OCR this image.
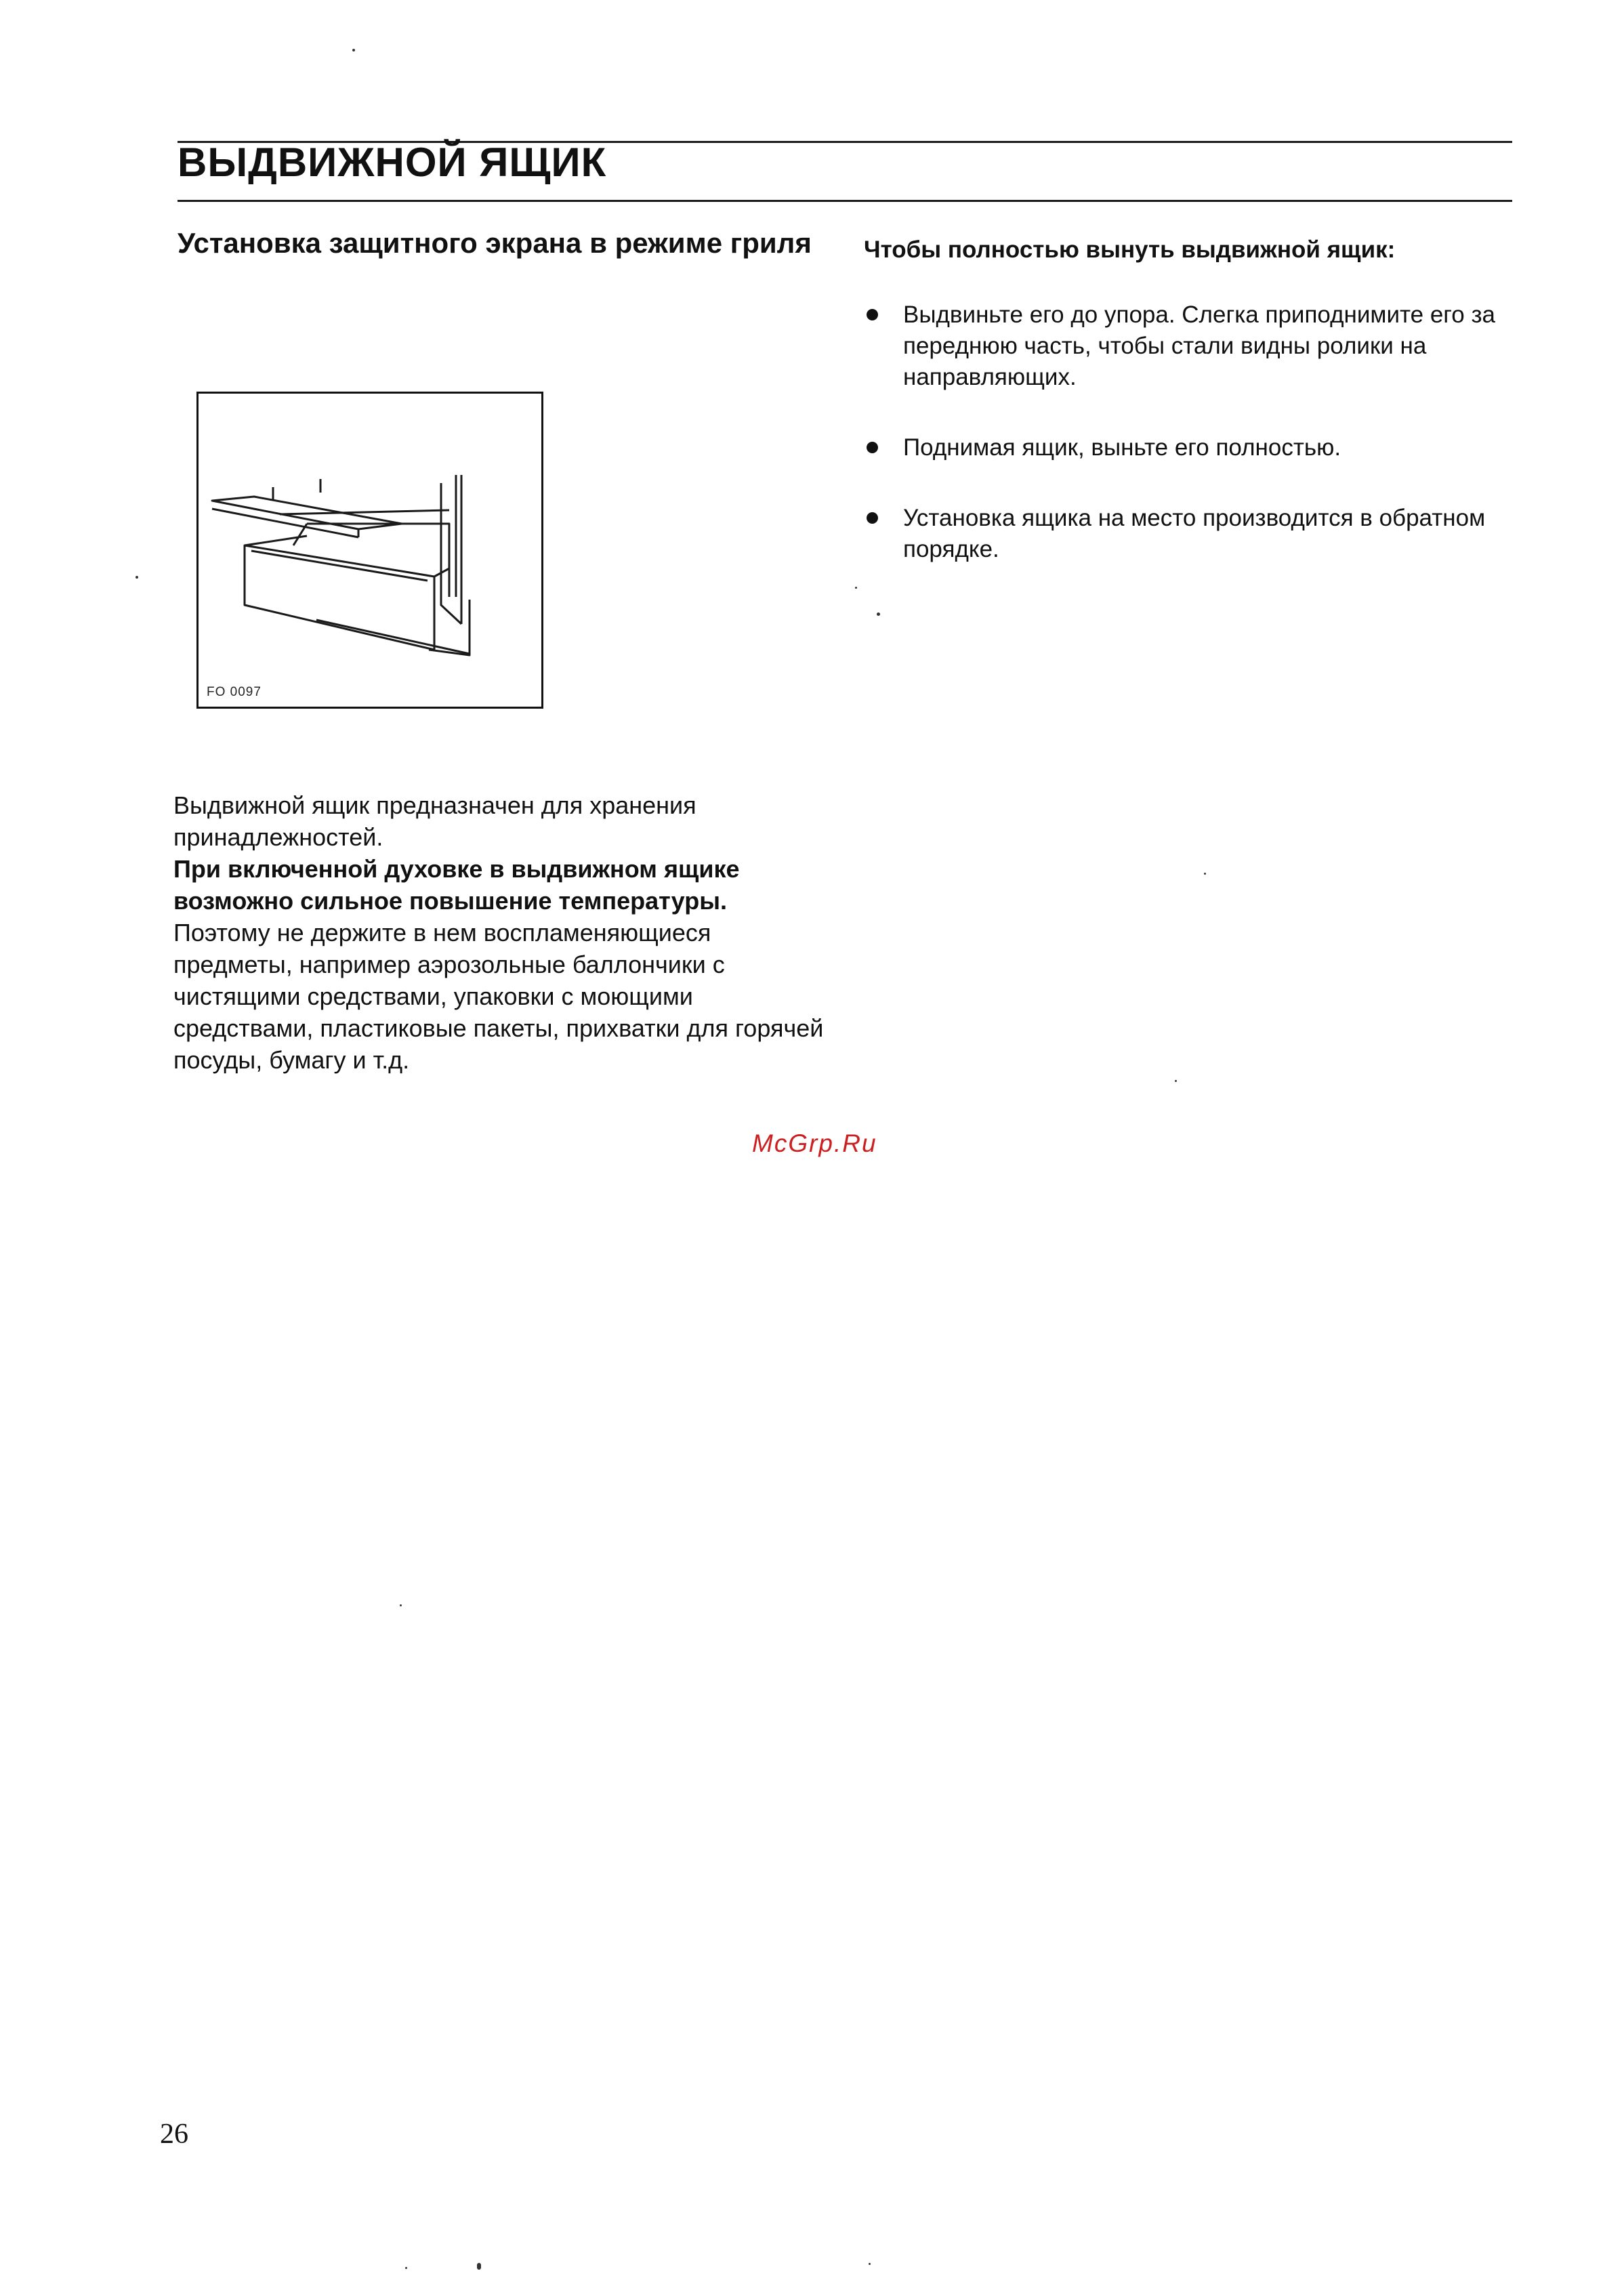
ВЫДВИЖНОЙ ЯЩИК
Установка защитного экрана в режиме гриля
FO 0097

Выдвижной ящик предназначен для хранения принадлежностей.

При включенной духовке в выдвижном ящике возможно сильное повышение температуры.

Поэтому не держите в нем воспламеняющиеся предметы, например аэрозольные баллончики с чистящими средствами, упаковки с моющими средствами, пластиковые пакеты, прихватки для горячей посуды, бумагу и т.д.

Чтобы полностью вынуть выдвижной ящик:
Выдвиньте его до упора. Слегка приподнимите его за переднюю часть, чтобы стали видны ролики на направляющих.
Поднимая ящик, выньте его полностью.
Установка ящика на место производится в обратном порядке.
McGrp.Ru
26
